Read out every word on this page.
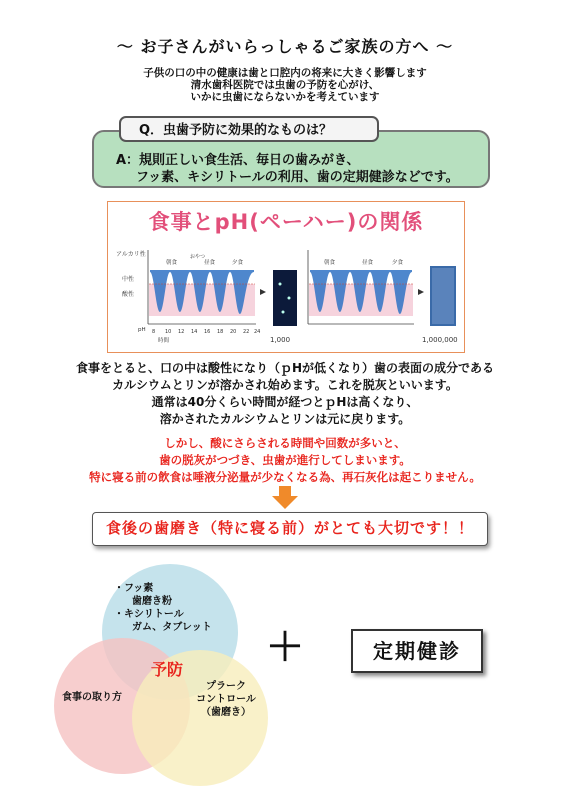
～ お子さんがいらっしゃるご家族の方へ ～
子供の口の中の健康は歯と口腔内の将来に大きく影響します
清水歯科医院では虫歯の予防を心がけ、
いかに虫歯にならないかを考えています
A：規則正しい食生活、毎日の歯みがき、
フッ素、キシリトールの利用、歯の定期健診などです。
Q．虫歯予防に効果的なものは？
食事とpH(ペーハー)の関係
アルカリ性
中性
酸性
朝食	昼食	夕食
おやつ
pH 8 10 12 14 16 18 20 22 24
時間	1,000
朝食	昼食	夕食
1,000,000
食事をとると、口の中は酸性になり（ｐHが低くなり）歯の表面の成分である
カルシウムとリンが溶かされ始めます。これを脱灰といいます。
通常は40分くらい時間が経つとｐHは高くなり、
溶かされたカルシウムとリンは元に戻ります。
しかし、酸にさらされる時間や回数が多いと、
歯の脱灰がつづき、虫歯が進行してしまいます。
特に寝る前の飲食は唾液分泌量が少なくなる為、再石灰化は起こりません。
食後の歯磨き（特に寝る前）がとても大切です！！
・フッ素
歯磨き粉
・キシリトール
ガム、タブレット
予防
食事の取り方
プラーク
コントロール
（歯磨き）
＋	定期健診
